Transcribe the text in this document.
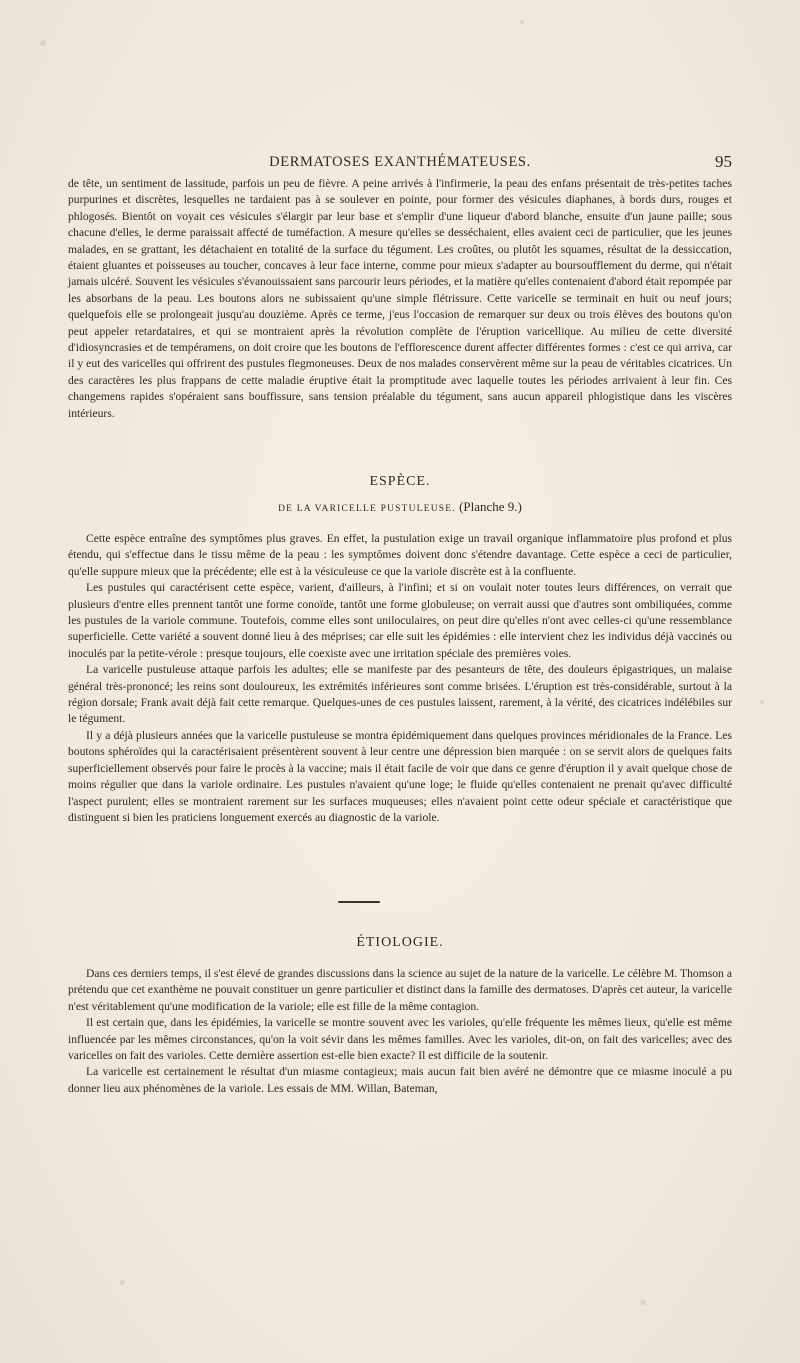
DERMATOSES EXANTHÉMATEUSES.	95

de tête, un sentiment de lassitude, parfois un peu de fièvre. A peine arrivés à l'infirmerie, la peau des enfans présentait de très-petites taches purpurines et discrètes, lesquelles ne tardaient pas à se soulever en pointe, pour former des vésicules diaphanes, à bords durs, rouges et phlogosés. Bientôt on voyait ces vésicules s'élargir par leur base et s'emplir d'une liqueur d'abord blanche, ensuite d'un jaune paille; sous chacune d'elles, le derme paraissait affecté de tuméfaction. A mesure qu'elles se desséchaient, elles avaient ceci de particulier, que les jeunes malades, en se grattant, les détachaient en totalité de la surface du tégument. Les croûtes, ou plutôt les squames, résultat de la dessiccation, étaient gluantes et poisseuses au toucher, concaves à leur face interne, comme pour mieux s'adapter au boursoufflement du derme, qui n'était jamais ulcéré. Souvent les vésicules s'évanouissaient sans parcourir leurs périodes, et la matière qu'elles contenaient d'abord était repompée par les absorbans de la peau. Les boutons alors ne subissaient qu'une simple flétrissure. Cette varicelle se terminait en huit ou neuf jours; quelquefois elle se prolongeait jusqu'au douzième. Après ce terme, j'eus l'occasion de remarquer sur deux ou trois élèves des boutons qu'on peut appeler retardataires, et qui se montraient après la révolution complète de l'éruption varicellique. Au milieu de cette diversité d'idiosyncrasies et de tempéramens, on doit croire que les boutons de l'efflorescence durent affecter différentes formes : c'est ce qui arriva, car il y eut des varicelles qui offrirent des pustules flegmoneuses. Deux de nos malades conservèrent même sur la peau de véritables cicatrices. Un des caractères les plus frappans de cette maladie éruptive était la promptitude avec laquelle toutes les périodes arrivaient à leur fin. Ces changemens rapides s'opéraient sans bouffissure, sans tension préalable du tégument, sans aucun appareil phlogistique dans les viscères intérieurs.

ESPÈCE.
DE LA VARICELLE PUSTULEUSE. (Planche 9.)

Cette espèce entraîne des symptômes plus graves. En effet, la pustulation exige un travail organique inflammatoire plus profond et plus étendu, qui s'effectue dans le tissu même de la peau : les symptômes doivent donc s'étendre davantage. Cette espèce a ceci de particulier, qu'elle suppure mieux que la précédente; elle est à la vésiculeuse ce que la variole discrète est à la confluente.

Les pustules qui caractérisent cette espèce, varient, d'ailleurs, à l'infini; et si on voulait noter toutes leurs différences, on verrait que plusieurs d'entre elles prennent tantôt une forme conoïde, tantôt une forme globuleuse; on verrait aussi que d'autres sont ombiliquées, comme les pustules de la variole commune. Toutefois, comme elles sont uniloculaires, on peut dire qu'elles n'ont avec celles-ci qu'une ressemblance superficielle. Cette variété a souvent donné lieu à des méprises; car elle suit les épidémies : elle intervient chez les individus déjà vaccinés ou inoculés par la petite-vérole : presque toujours, elle coexiste avec une irritation spéciale des premières voies.

La varicelle pustuleuse attaque parfois les adultes; elle se manifeste par des pesanteurs de tête, des douleurs épigastriques, un malaise général très-prononcé; les reins sont douloureux, les extrémités inférieures sont comme brisées. L'éruption est très-considérable, surtout à la région dorsale; Frank avait déjà fait cette remarque. Quelques-unes de ces pustules laissent, rarement, à la vérité, des cicatrices indélébiles sur le tégument.

Il y a déjà plusieurs années que la varicelle pustuleuse se montra épidémiquement dans quelques provinces méridionales de la France. Les boutons sphéroïdes qui la caractérisaient présentèrent souvent à leur centre une dépression bien marquée : on se servit alors de quelques faits superficiellement observés pour faire le procès à la vaccine; mais il était facile de voir que dans ce genre d'éruption il y avait quelque chose de moins régulier que dans la variole ordinaire. Les pustules n'avaient qu'une loge; le fluide qu'elles contenaient ne prenait qu'avec difficulté l'aspect purulent; elles se montraient rarement sur les surfaces muqueuses; elles n'avaient point cette odeur spéciale et caractéristique que distinguent si bien les praticiens longuement exercés au diagnostic de la variole.

ÉTIOLOGIE.

Dans ces derniers temps, il s'est élevé de grandes discussions dans la science au sujet de la nature de la varicelle. Le célèbre M. Thomson a prétendu que cet exanthème ne pouvait constituer un genre particulier et distinct dans la famille des dermatoses. D'après cet auteur, la varicelle n'est véritablement qu'une modification de la variole; elle est fille de la même contagion.

Il est certain que, dans les épidémies, la varicelle se montre souvent avec les varioles, qu'elle fréquente les mêmes lieux, qu'elle est même influencée par les mêmes circonstances, qu'on la voit sévir dans les mêmes familles. Avec les varioles, dit-on, on fait des varicelles; avec des varicelles on fait des varioles. Cette dernière assertion est-elle bien exacte? Il est difficile de la soutenir.

La varicelle est certainement le résultat d'un miasme contagieux; mais aucun fait bien avéré ne démontre que ce miasme inoculé a pu donner lieu aux phénomènes de la variole. Les essais de MM. Willan, Bateman,
